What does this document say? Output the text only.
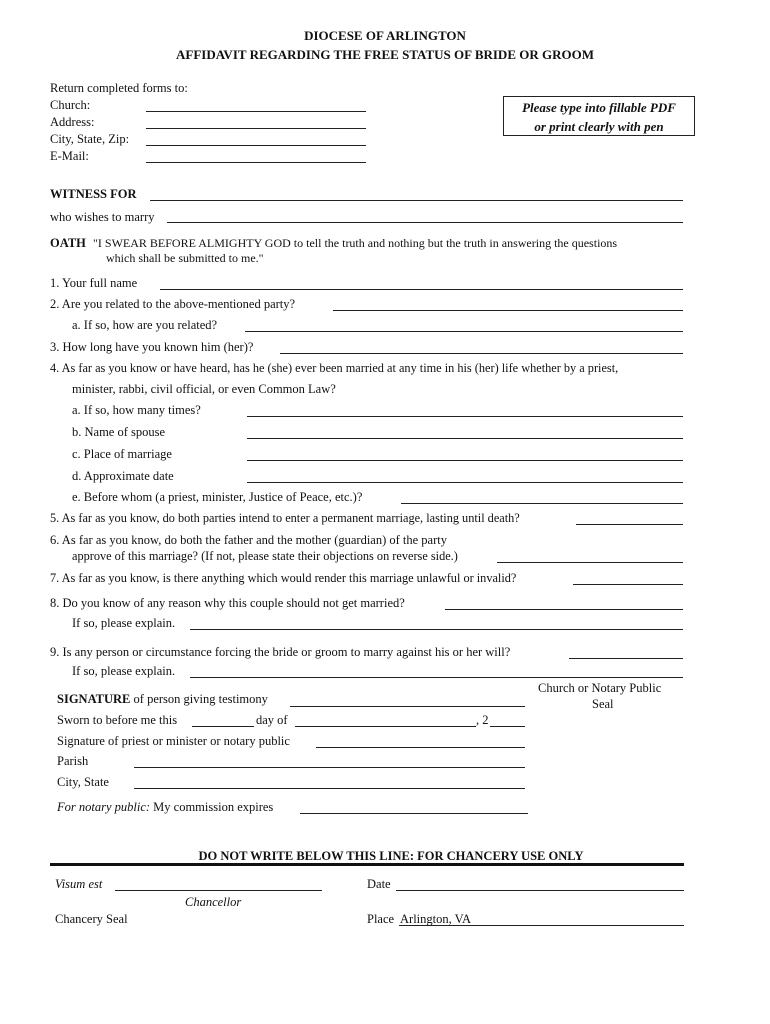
DIOCESE OF ARLINGTON
AFFIDAVIT REGARDING THE FREE STATUS OF BRIDE OR GROOM
Return completed forms to:
Church:
Address:
City, State, Zip:
E-Mail:
Please type into fillable PDF
or print clearly with pen
WITNESS FOR
who wishes to marry
OATH "I SWEAR BEFORE ALMIGHTY GOD to tell the truth and nothing but the truth in answering the questions
which shall be submitted to me."
1. Your full name
2. Are you related to the above-mentioned party?
a. If so, how are you related?
3. How long have you known him (her)?
4. As far as you know or have heard, has he (she) ever been married at any time in his (her) life whether by a priest,
minister, rabbi, civil official, or even Common Law?
a. If so, how many times?
b. Name of spouse
c. Place of marriage
d. Approximate date
e. Before whom (a priest, minister, Justice of Peace, etc.)?
5. As far as you know, do both parties intend to enter a permanent marriage, lasting until death?
6. As far as you know, do both the father and the mother (guardian) of the party
approve of this marriage? (If not, please state their objections on reverse side.)
7. As far as you know, is there anything which would render this marriage unlawful or invalid?
8. Do you know of any reason why this couple should not get married?
If so, please explain.
9. Is any person or circumstance forcing the bride or groom to marry against his or her will?
If so, please explain.
SIGNATURE of person giving testimony
Sworn to before me this	day of	, 2
Signature of priest or minister or notary public
Parish
City, State
For notary public: My commission expires
Church or Notary Public
Seal
DO NOT WRITE BELOW THIS LINE: FOR CHANCERY USE ONLY
Visum est
Chancellor
Chancery Seal
Date
Place Arlington, VA
